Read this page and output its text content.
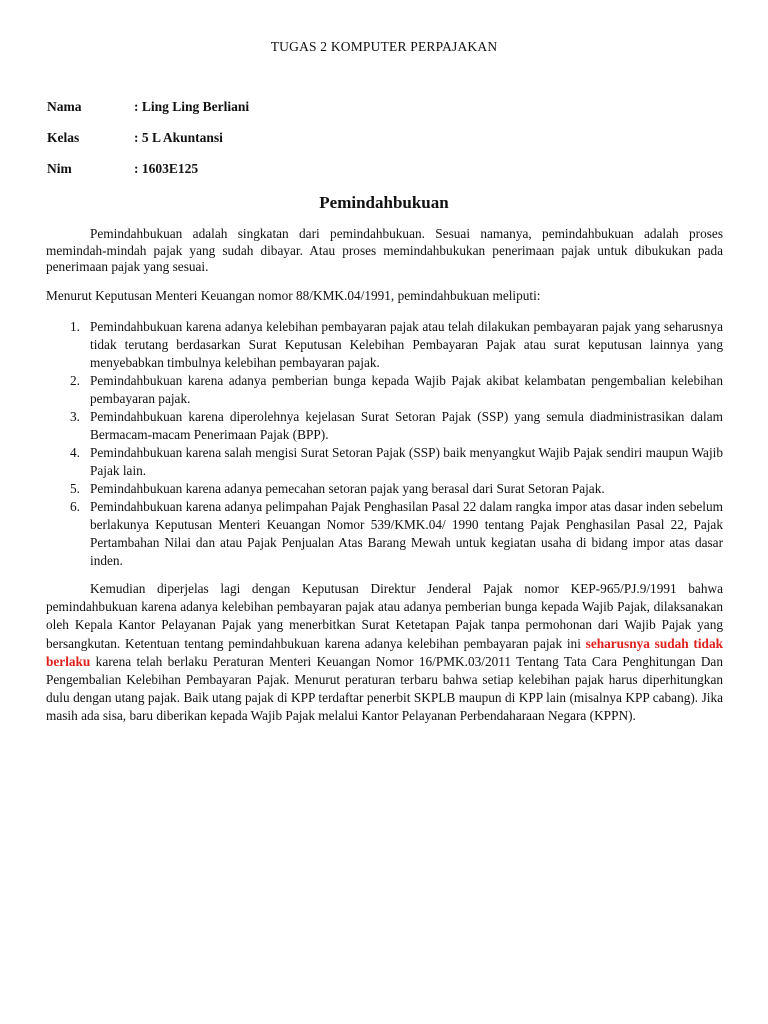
TUGAS 2 KOMPUTER PERPAJAKAN
Nama	: Ling Ling Berliani
Kelas	: 5 L Akuntansi
Nim	: 1603E125
Pemindahbukuan

Pemindahbukuan adalah singkatan dari pemindahbukuan. Sesuai namanya, pemindahbukuan adalah proses memindah-mindah pajak yang sudah dibayar. Atau proses memindahbukukan penerimaan pajak untuk dibukukan pada penerimaan pajak yang sesuai.

Menurut Keputusan Menteri Keuangan nomor 88/KMK.04/1991, pemindahbukuan meliputi:

1. Pemindahbukuan karena adanya kelebihan pembayaran pajak atau telah dilakukan pembayaran pajak yang seharusnya tidak terutang berdasarkan Surat Keputusan Kelebihan Pembayaran Pajak atau surat keputusan lainnya yang menyebabkan timbulnya kelebihan pembayaran pajak.
2. Pemindahbukuan karena adanya pemberian bunga kepada Wajib Pajak akibat kelambatan pengembalian kelebihan pembayaran pajak.
3. Pemindahbukuan karena diperolehnya kejelasan Surat Setoran Pajak (SSP) yang semula diadministrasikan dalam Bermacam-macam Penerimaan Pajak (BPP).
4. Pemindahbukuan karena salah mengisi Surat Setoran Pajak (SSP) baik menyangkut Wajib Pajak sendiri maupun Wajib Pajak lain.
5. Pemindahbukuan karena adanya pemecahan setoran pajak yang berasal dari Surat Setoran Pajak.
6. Pemindahbukuan karena adanya pelimpahan Pajak Penghasilan Pasal 22 dalam rangka impor atas dasar inden sebelum berlakunya Keputusan Menteri Keuangan Nomor 539/KMK.04/ 1990 tentang Pajak Penghasilan Pasal 22, Pajak Pertambahan Nilai dan atau Pajak Penjualan Atas Barang Mewah untuk kegiatan usaha di bidang impor atas dasar inden.

Kemudian diperjelas lagi dengan Keputusan Direktur Jenderal Pajak nomor KEP-965/PJ.9/1991 bahwa pemindahbukuan karena adanya kelebihan pembayaran pajak atau adanya pemberian bunga kepada Wajib Pajak, dilaksanakan oleh Kepala Kantor Pelayanan Pajak yang menerbitkan Surat Ketetapan Pajak tanpa permohonan dari Wajib Pajak yang bersangkutan. Ketentuan tentang pemindahbukuan karena adanya kelebihan pembayaran pajak ini seharusnya sudah tidak berlaku karena telah berlaku Peraturan Menteri Keuangan Nomor 16/PMK.03/2011 Tentang Tata Cara Penghitungan Dan Pengembalian Kelebihan Pembayaran Pajak. Menurut peraturan terbaru bahwa setiap kelebihan pajak harus diperhitungkan dulu dengan utang pajak. Baik utang pajak di KPP terdaftar penerbit SKPLB maupun di KPP lain (misalnya KPP cabang). Jika masih ada sisa, baru diberikan kepada Wajib Pajak melalui Kantor Pelayanan Perbendaharaan Negara (KPPN).
